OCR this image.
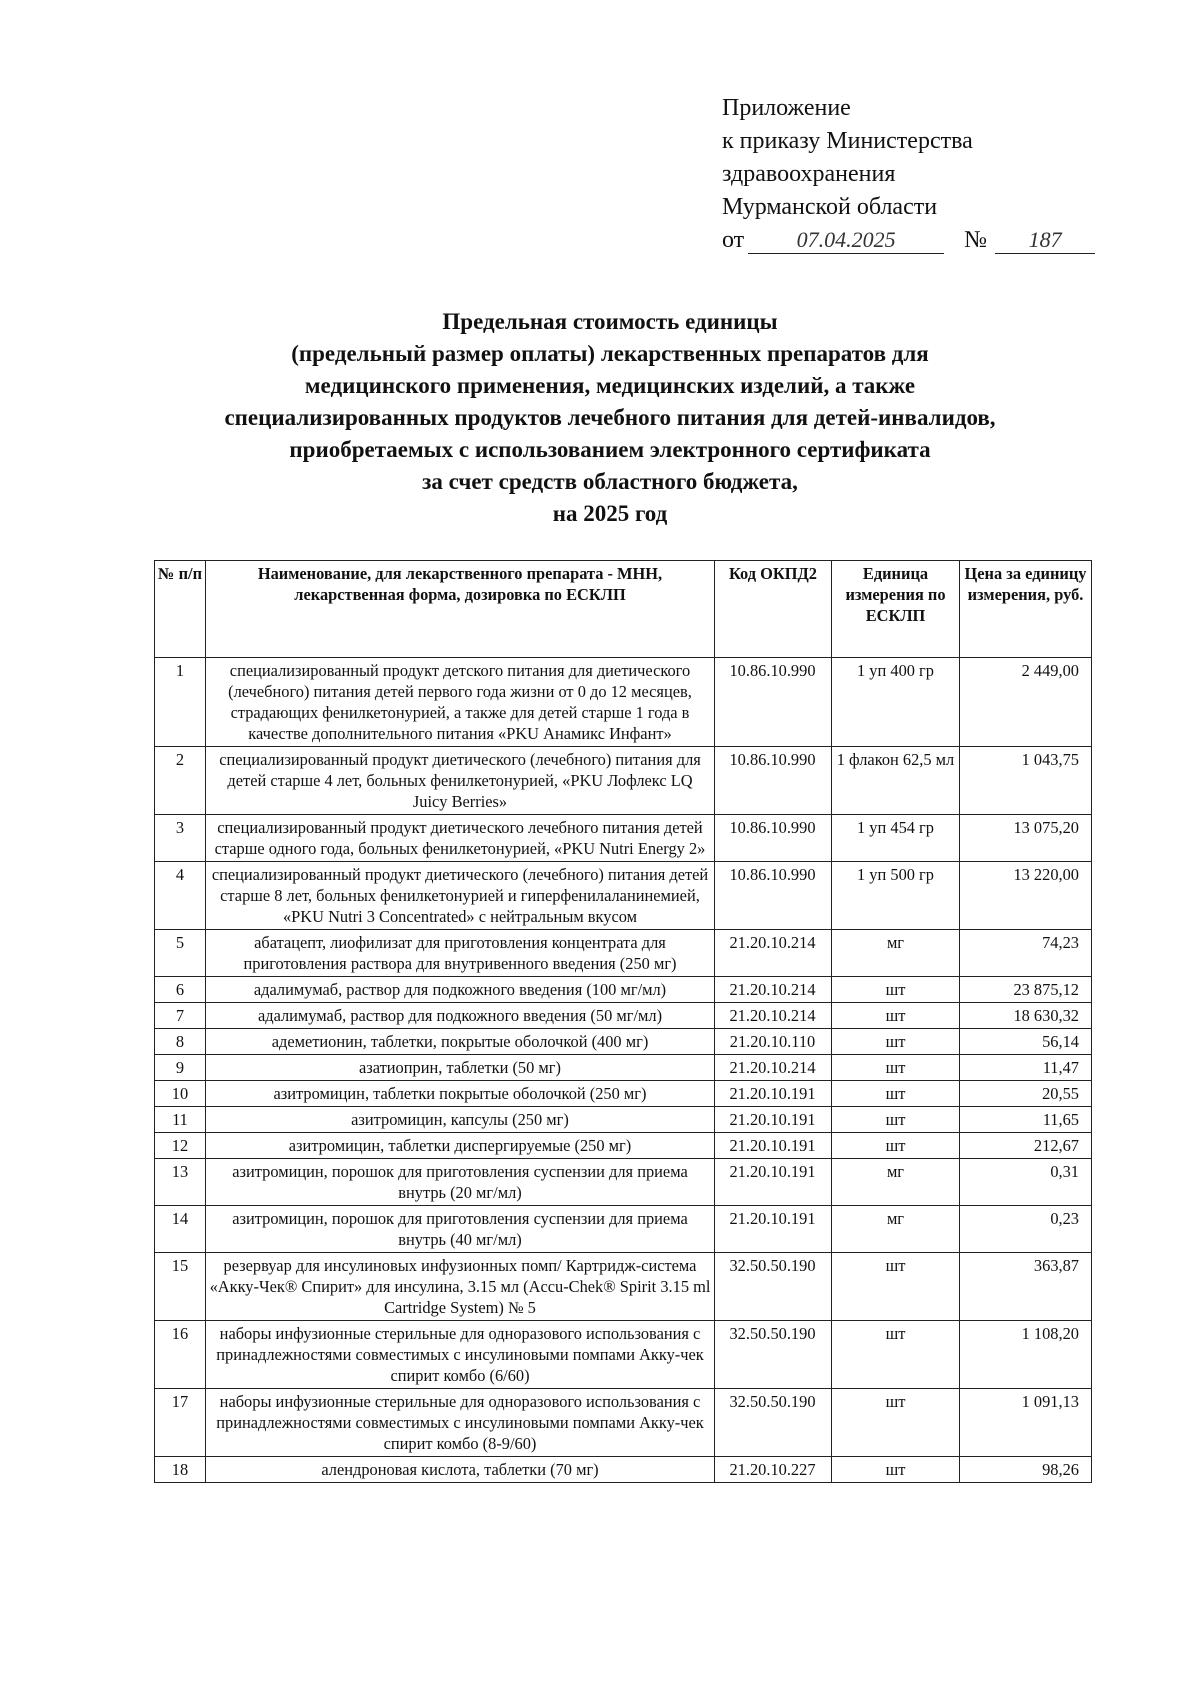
Приложение
к приказу Министерства
здравоохранения
Мурманской области
от 07.04.2025	№ 187
Предельная стоимость единицы
(предельный размер оплаты) лекарственных препаратов для
медицинского применения, медицинских изделий, а также
специализированных продуктов лечебного питания для детей-инвалидов,
приобретаемых с использованием электронного сертификата
за счет средств областного бюджета,
на 2025 год
№ п/п	Наименование, для лекарственного препарата - МНН, лекарственная форма, дозировка по ЕСКЛП	Код ОКПД2	Единица измерения по ЕСКЛП	Цена за единицу измерения, руб.
1	специализированный продукт детского питания для диетического (лечебного) питания детей первого года жизни от 0 до 12 месяцев, страдающих фенилкетонурией, а также для детей старше 1 года в качестве дополнительного питания «PKU Анамикс Инфант»	10.86.10.990	1 уп 400 гр	2 449,00
2	специализированный продукт диетического (лечебного) питания для детей старше 4 лет, больных фенилкетонурией, «PKU Лофлекс LQ Juicy Berries»	10.86.10.990	1 флакон 62,5 мл	1 043,75
3	специализированный продукт диетического лечебного питания детей старше одного года, больных фенилкетонурией, «PKU Nutri Energy 2»	10.86.10.990	1 уп 454 гр	13 075,20
4	специализированный продукт диетического (лечебного) питания детей старше 8 лет, больных фенилкетонурией и гиперфенилаланинемией, «PKU Nutri 3 Concentrated» с нейтральным вкусом	10.86.10.990	1 уп 500 гр	13 220,00
5	абатацепт, лиофилизат для приготовления концентрата для приготовления раствора для внутривенного введения (250 мг)	21.20.10.214	мг	74,23
6	адалимумаб, раствор для подкожного введения (100 мг/мл)	21.20.10.214	шт	23 875,12
7	адалимумаб, раствор для подкожного введения (50 мг/мл)	21.20.10.214	шт	18 630,32
8	адеметионин, таблетки, покрытые оболочкой (400 мг)	21.20.10.110	шт	56,14
9	азатиоприн, таблетки (50 мг)	21.20.10.214	шт	11,47
10	азитромицин, таблетки покрытые оболочкой (250 мг)	21.20.10.191	шт	20,55
11	азитромицин, капсулы (250 мг)	21.20.10.191	шт	11,65
12	азитромицин, таблетки диспергируемые (250 мг)	21.20.10.191	шт	212,67
13	азитромицин, порошок для приготовления суспензии для приема внутрь (20 мг/мл)	21.20.10.191	мг	0,31
14	азитромицин, порошок для приготовления суспензии для приема внутрь (40 мг/мл)	21.20.10.191	мг	0,23
15	резервуар для инсулиновых инфузионных помп/ Картридж-система «Акку-Чек® Спирит» для инсулина, 3.15 мл (Accu-Chek® Spirit 3.15 ml Cartridge System) № 5	32.50.50.190	шт	363,87
16	наборы инфузионные стерильные для одноразового использования с принадлежностями совместимых с инсулиновыми помпами Акку-чек спирит комбо (6/60)	32.50.50.190	шт	1 108,20
17	наборы инфузионные стерильные для одноразового использования с принадлежностями совместимых с инсулиновыми помпами Акку-чек спирит комбо (8-9/60)	32.50.50.190	шт	1 091,13
18	алендроновая кислота, таблетки (70 мг)	21.20.10.227	шт	98,26
